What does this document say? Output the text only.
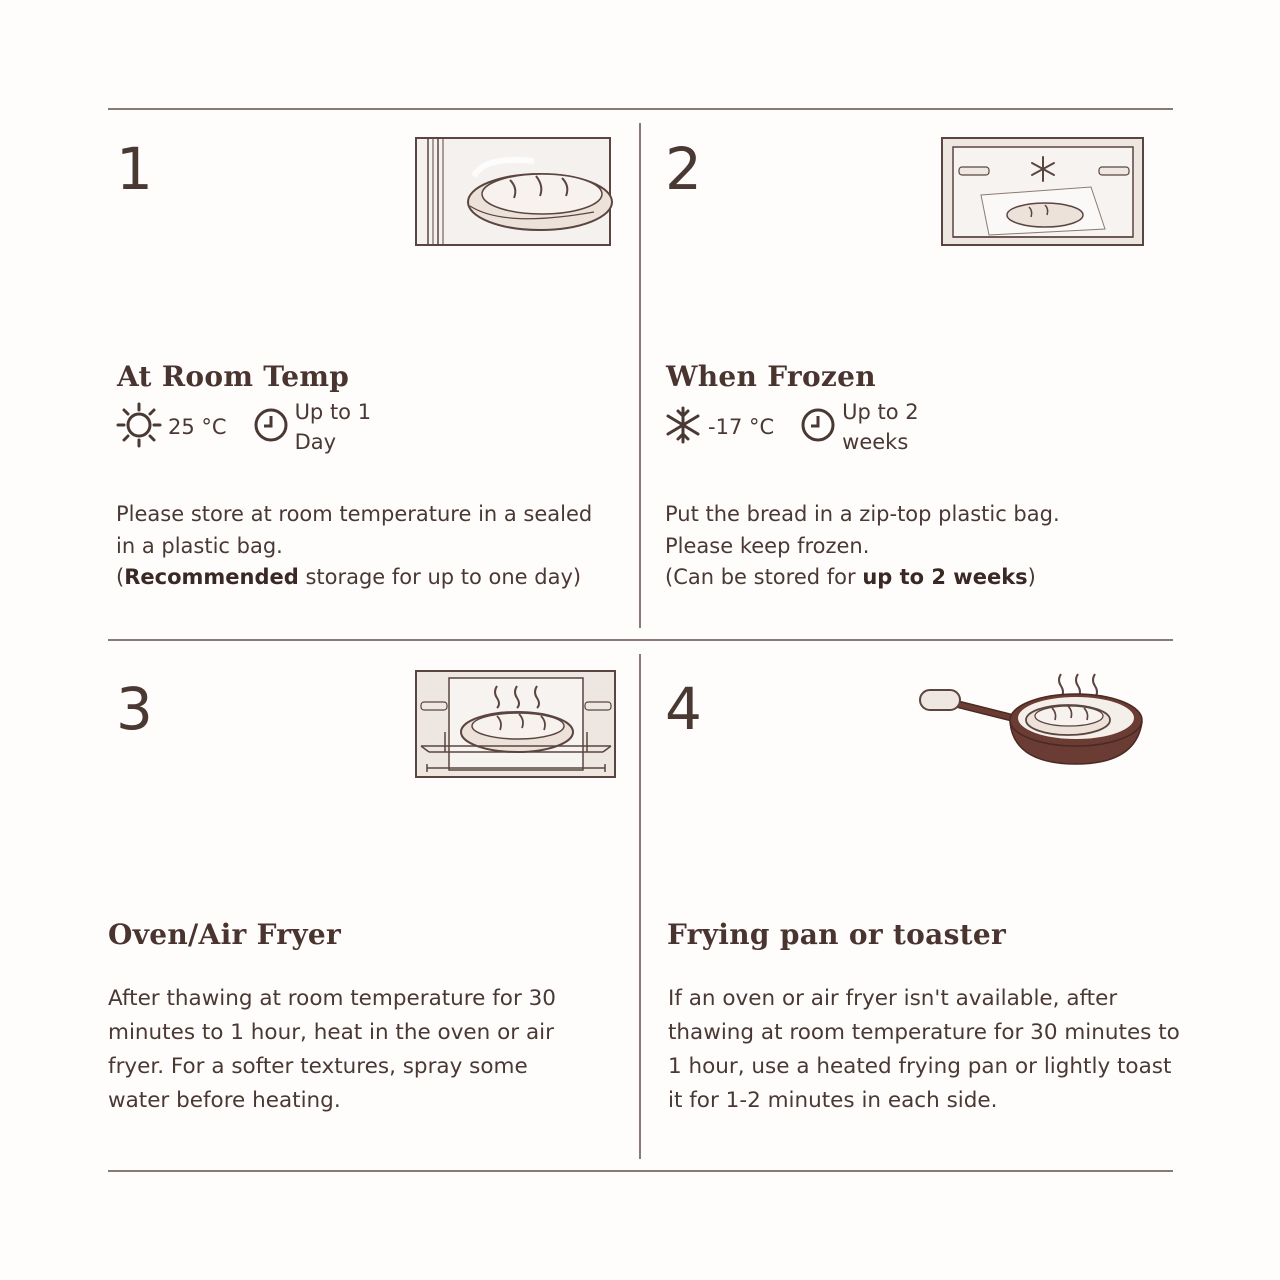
1
At Room Temp
25 °C
Up to 1
Day
Please store at room temperature in a sealed
in a plastic bag.
(Recommended storage for up to one day)
2
When Frozen
-17 °C
Up to 2
weeks
Put the bread in a zip-top plastic bag.
Please keep frozen.
(Can be stored for up to 2 weeks)
3
Oven/Air Fryer
After thawing at room temperature for 30
minutes to 1 hour, heat in the oven or air
fryer. For a softer textures, spray some
water before heating.
4
Frying pan or toaster
If an oven or air fryer isn't available, after
thawing at room temperature for 30 minutes to
1 hour, use a heated frying pan or lightly toast
it for 1-2 minutes in each side.
